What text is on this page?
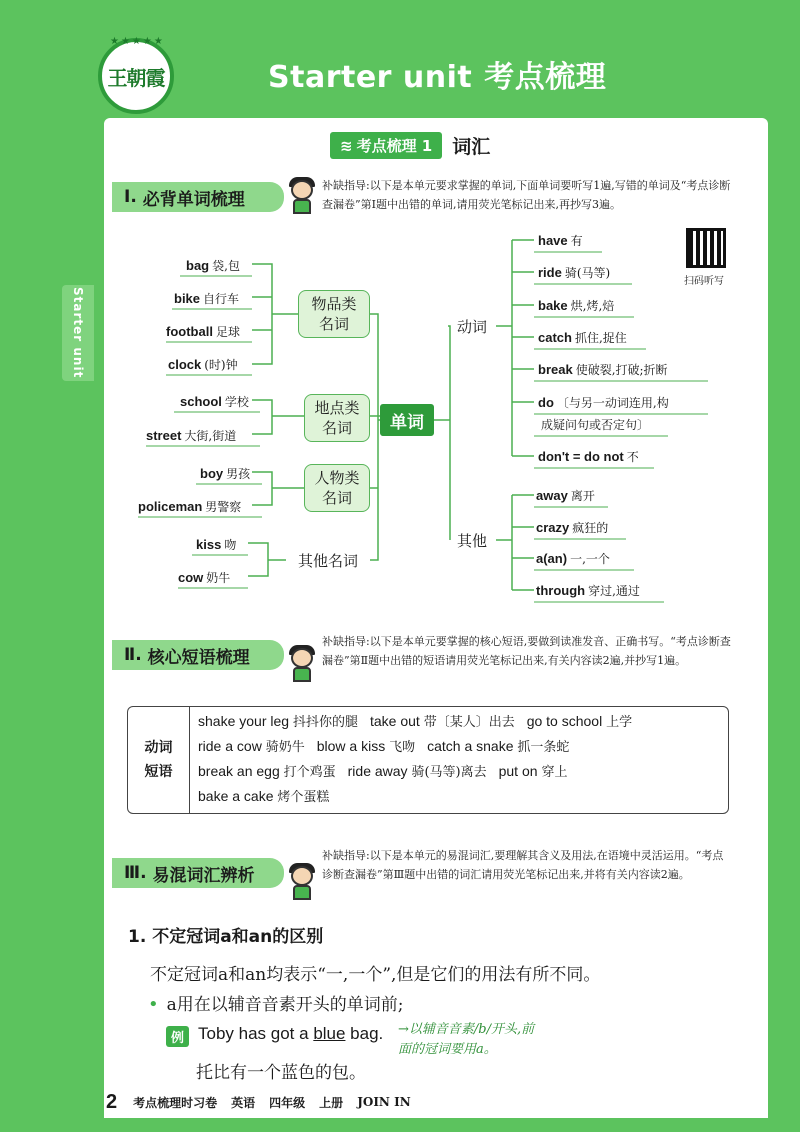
★★★★★
王朝霞	Starter unit 考点梳理
Starter unit
≋ 考点梳理 1	词汇
Ⅰ. 必背单词梳理
补缺指导:以下是本单元要求掌握的单词,下面单词要听写1遍,写错的单词及“考点诊断查漏卷”第Ⅰ题中出错的单词,请用荧光笔标记出来,再抄写3遍。
扫码听写
bag 袋,包
bike 自行车
football 足球
clock (时)钟
school 学校
street 大街,街道
boy 男孩
policeman 男警察
kiss 吻
cow 奶牛
物品类
名词
地点类
名词
人物类
名词
其他名词
单词
动词
其他
have 有
ride 骑(马等)
bake 烘,烤,焙
catch 抓住,捉住
break 使破裂,打破;折断
do 〔与另一动词连用,构
成疑问句或否定句〕
don't = do not 不
away 离开
crazy 疯狂的
a(an) 一,一个
through 穿过,通过
Ⅱ. 核心短语梳理
补缺指导:以下是本单元要掌握的核心短语,要做到读准发音、正确书写。“考点诊断查漏卷”第Ⅱ题中出错的短语请用荧光笔标记出来,有关内容读2遍,并抄写1遍。
动词
短语
shake your leg 抖抖你的腿 take out 带〔某人〕出去 go to school 上学
ride a cow 骑奶牛 blow a kiss 飞吻 catch a snake 抓一条蛇
break an egg 打个鸡蛋 ride away 骑(马等)离去 put on 穿上
bake a cake 烤个蛋糕
Ⅲ. 易混词汇辨析
补缺指导:以下是本单元的易混词汇,要理解其含义及用法,在语境中灵活运用。“考点诊断查漏卷”第Ⅲ题中出错的词汇请用荧光笔标记出来,并将有关内容读2遍。
1. 不定冠词a和an的区别
不定冠词a和an均表示“一,一个”,但是它们的用法有所不同。
• a用在以辅音音素开头的单词前;
例 Toby has got a blue bag.
托比有一个蓝色的包。
→以辅音音素/b/开头,前
面的冠词要用a。
2 考点梳理时习卷 英语 四年级 上册 JOIN IN
